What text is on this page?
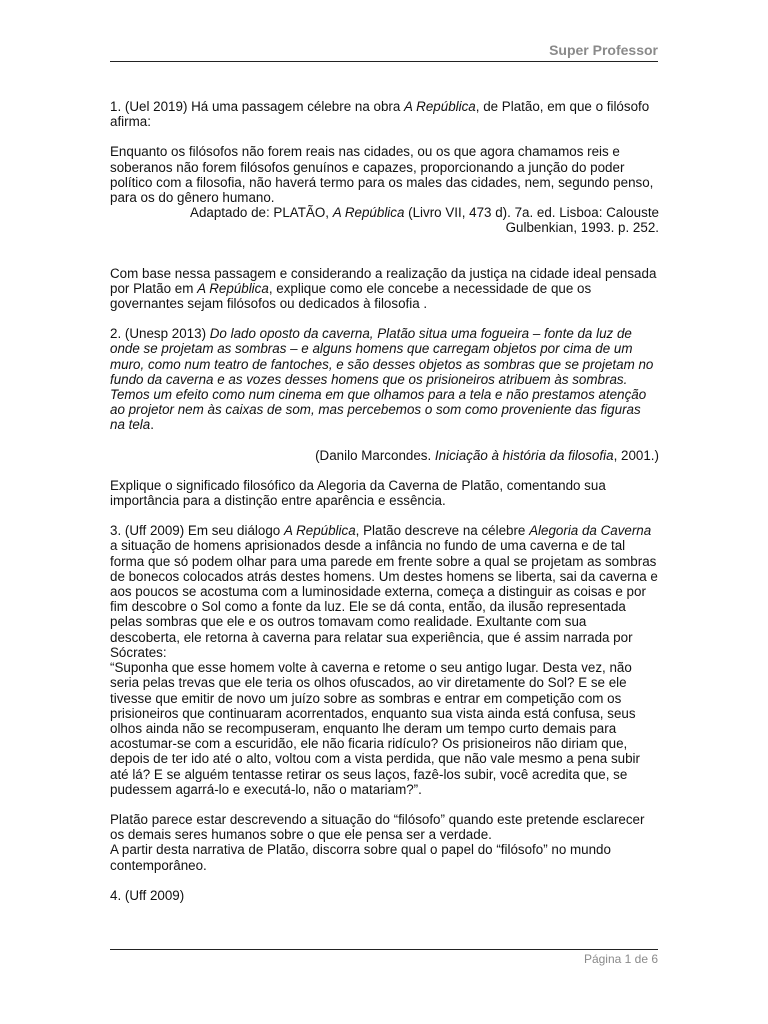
Super Professor

1. (Uel 2019) Há uma passagem célebre na obra A República, de Platão, em que o filósofo afirma:

Enquanto os filósofos não forem reais nas cidades, ou os que agora chamamos reis e soberanos não forem filósofos genuínos e capazes, proporcionando a junção do poder político com a filosofia, não haverá termo para os males das cidades, nem, segundo penso, para os do gênero humano.

Adaptado de: PLATÃO, A República (Livro VII, 473 d). 7a. ed. Lisboa: Calouste Gulbenkian, 1993. p. 252.

Com base nessa passagem e considerando a realização da justiça na cidade ideal pensada por Platão em A República, explique como ele concebe a necessidade de que os governantes sejam filósofos ou dedicados à filosofia .

2. (Unesp 2013) Do lado oposto da caverna, Platão situa uma fogueira – fonte da luz de onde se projetam as sombras – e alguns homens que carregam objetos por cima de um muro, como num teatro de fantoches, e são desses objetos as sombras que se projetam no fundo da caverna e as vozes desses homens que os prisioneiros atribuem às sombras. Temos um efeito como num cinema em que olhamos para a tela e não prestamos atenção ao projetor nem às caixas de som, mas percebemos o som como proveniente das figuras na tela.

(Danilo Marcondes. Iniciação à história da filosofia, 2001.)

Explique o significado filosófico da Alegoria da Caverna de Platão, comentando sua importância para a distinção entre aparência e essência.

3. (Uff 2009) Em seu diálogo A República, Platão descreve na célebre Alegoria da Caverna a situação de homens aprisionados desde a infância no fundo de uma caverna e de tal forma que só podem olhar para uma parede em frente sobre a qual se projetam as sombras de bonecos colocados atrás destes homens. Um destes homens se liberta, sai da caverna e aos poucos se acostuma com a luminosidade externa, começa a distinguir as coisas e por fim descobre o Sol como a fonte da luz. Ele se dá conta, então, da ilusão representada pelas sombras que ele e os outros tomavam como realidade. Exultante com sua descoberta, ele retorna à caverna para relatar sua experiência, que é assim narrada por Sócrates:

“Suponha que esse homem volte à caverna e retome o seu antigo lugar. Desta vez, não seria pelas trevas que ele teria os olhos ofuscados, ao vir diretamente do Sol? E se ele tivesse que emitir de novo um juízo sobre as sombras e entrar em competição com os prisioneiros que continuaram acorrentados, enquanto sua vista ainda está confusa, seus olhos ainda não se recompuseram, enquanto lhe deram um tempo curto demais para acostumar-se com a escuridão, ele não ficaria ridículo? Os prisioneiros não diriam que, depois de ter ido até o alto, voltou com a vista perdida, que não vale mesmo a pena subir até lá? E se alguém tentasse retirar os seus laços, fazê-los subir, você acredita que, se pudessem agarrá-lo e executá-lo, não o matariam?”.

Platão parece estar descrevendo a situação do “filósofo” quando este pretende esclarecer os demais seres humanos sobre o que ele pensa ser a verdade.

A partir desta narrativa de Platão, discorra sobre qual o papel do “filósofo” no mundo contemporâneo.

4. (Uff 2009)

Página 1 de 6
